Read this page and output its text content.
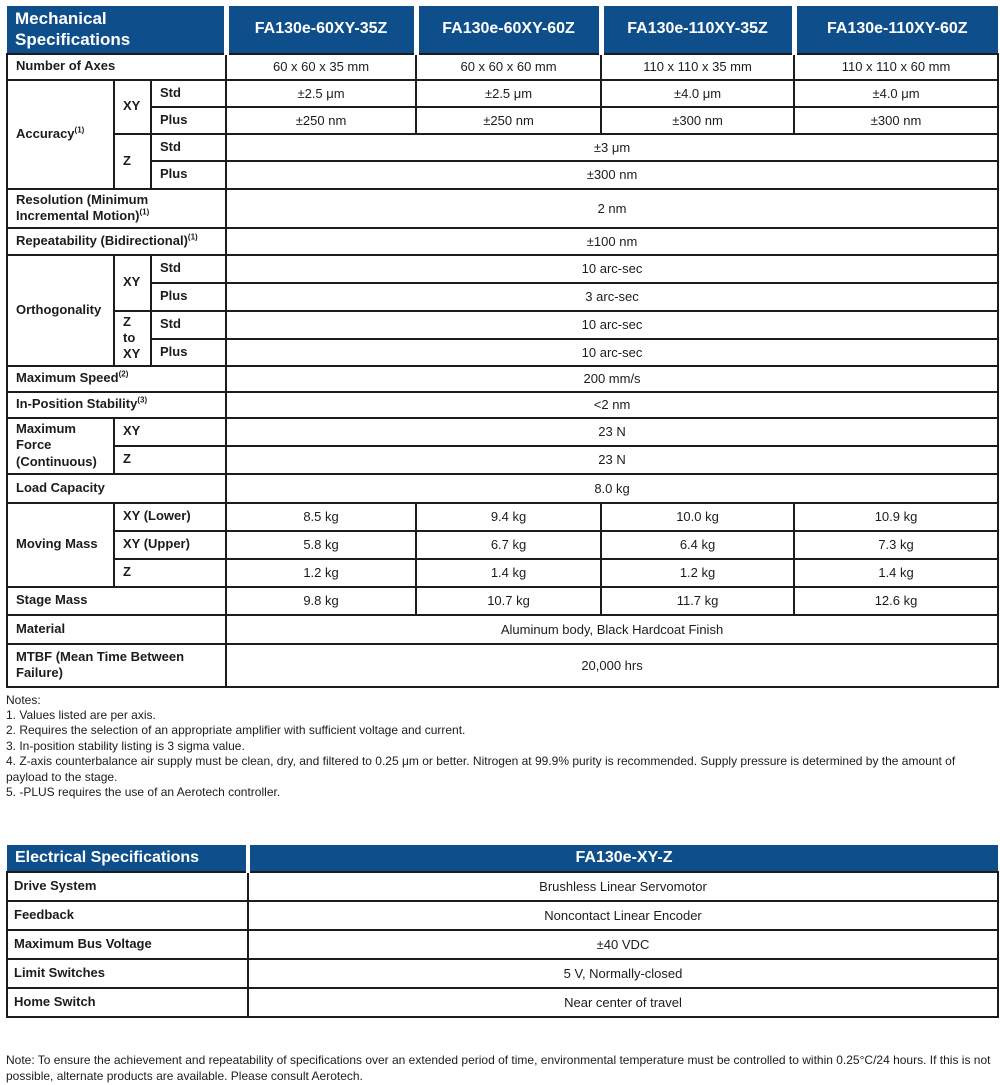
Mechanical Specifications			FA130e-60XY-35Z	FA130e-60XY-60Z	FA130e-110XY-35Z	FA130e-110XY-60Z
Number of Axes			60 x 60 x 35 mm	60 x 60 x 60 mm	110 x 110 x 35 mm	110 x 110 x 60 mm
Accuracy$^{(1)}$	XY	Std	±2.5 μm	±2.5 μm	±4.0 μm	±4.0 μm
		Plus	±250 nm	±250 nm	±300 nm	±300 nm
	Z	Std	±3 μm			
		Plus	±300 nm			
Resolution (Minimum Incremental Motion)$^{(1)}$			2 nm			
Repeatability (Bidirectional)$^{(1)}$			±100 nm			
Orthogonality	XY	Std	10 arc-sec			
		Plus	3 arc-sec			
	Z to XY	Std	10 arc-sec			
		Plus	10 arc-sec			
Maximum Speed$^{(2)}$			200 mm/s			
In-Position Stability$^{(3)}$			<2 nm			
Maximum Force (Continuous)	XY		23 N			
	Z		23 N			
Load Capacity			8.0 kg			
Moving Mass	XY (Lower)		8.5 kg	9.4 kg	10.0 kg	10.9 kg
	XY (Upper)		5.8 kg	6.7 kg	6.4 kg	7.3 kg
	Z		1.2 kg	1.4 kg	1.2 kg	1.4 kg
Stage Mass			9.8 kg	10.7 kg	11.7 kg	12.6 kg
Material			Aluminum body, Black Hardcoat Finish			
MTBF (Mean Time Between Failure)			20,000 hrs			
Notes:
1. Values listed are per axis.
2. Requires the selection of an appropriate amplifier with sufficient voltage and current.
3. In-position stability listing is 3 sigma value.
4. Z-axis counterbalance air supply must be clean, dry, and filtered to 0.25 μm or better. Nitrogen at 99.9% purity is recommended. Supply pressure is determined by the amount of payload to the stage.
5. -PLUS requires the use of an Aerotech controller.
Electrical Specifications	FA130e-XY-Z
Drive System	Brushless Linear Servomotor
Feedback	Noncontact Linear Encoder
Maximum Bus Voltage	±40 VDC
Limit Switches	5 V, Normally-closed
Home Switch	Near center of travel
Note: To ensure the achievement and repeatability of specifications over an extended period of time, environmental temperature must be controlled to within 0.25°C/24 hours. If this is not possible, alternate products are available. Please consult Aerotech.
